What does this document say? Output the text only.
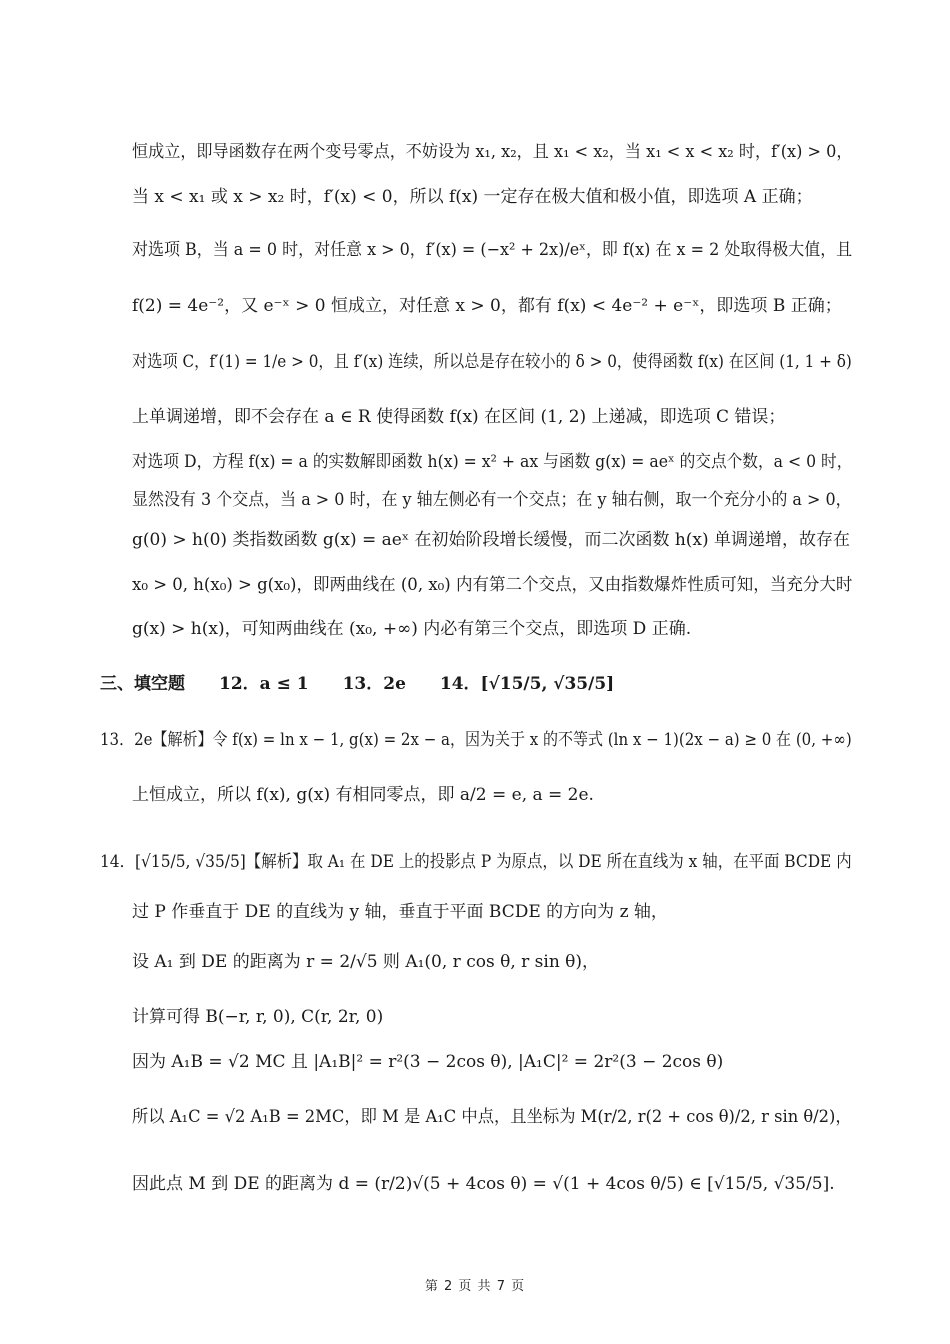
恒成立，即导函数存在两个变号零点，不妨设为 x₁, x₂，且 x₁ < x₂，当 x₁ < x < x₂ 时，f′(x) > 0，
当 x < x₁ 或 x > x₂ 时，f′(x) < 0，所以 f(x) 一定存在极大值和极小值，即选项 A 正确；
对选项 B，当 a = 0 时，对任意 x > 0，f′(x) = (−x² + 2x)/eˣ，即 f(x) 在 x = 2 处取得极大值，且
f(2) = 4e⁻²，又 e⁻ˣ > 0 恒成立，对任意 x > 0，都有 f(x) < 4e⁻² + e⁻ˣ，即选项 B 正确；
对选项 C，f′(1) = 1/e > 0，且 f′(x) 连续，所以总是存在较小的 δ > 0，使得函数 f(x) 在区间 (1, 1 + δ)
上单调递增，即不会存在 a ∈ R 使得函数 f(x) 在区间 (1, 2) 上递减，即选项 C 错误；
对选项 D，方程 f(x) = a 的实数解即函数 h(x) = x² + ax 与函数 g(x) = aeˣ 的交点个数，a < 0 时，
显然没有 3 个交点，当 a > 0 时，在 y 轴左侧必有一个交点；在 y 轴右侧，取一个充分小的 a > 0，
g(0) > h(0) 类指数函数 g(x) = aeˣ 在初始阶段增长缓慢，而二次函数 h(x) 单调递增，故存在
x₀ > 0, h(x₀) > g(x₀)，即两曲线在 (0, x₀) 内有第二个交点，又由指数爆炸性质可知，当充分大时
g(x) > h(x)，可知两曲线在 (x₀, +∞) 内必有第三个交点，即选项 D 正确.
三、填空题　　12．a ≤ 1　　13．2e　　14．[√15/5, √35/5]
13．2e【解析】令 f(x) = ln x − 1, g(x) = 2x − a，因为关于 x 的不等式 (ln x − 1)(2x − a) ≥ 0 在 (0, +∞)
上恒成立，所以 f(x), g(x) 有相同零点，即 a/2 = e, a = 2e.
14．[√15/5, √35/5]【解析】取 A₁ 在 DE 上的投影点 P 为原点，以 DE 所在直线为 x 轴，在平面 BCDE 内
过 P 作垂直于 DE 的直线为 y 轴，垂直于平面 BCDE 的方向为 z 轴，
设 A₁ 到 DE 的距离为 r = 2/√5 则 A₁(0, r cos θ, r sin θ)，
计算可得 B(−r, r, 0), C(r, 2r, 0)
因为 A₁B = √2 MC 且 |A₁B|² = r²(3 − 2cos θ), |A₁C|² = 2r²(3 − 2cos θ)
所以 A₁C = √2 A₁B = 2MC，即 M 是 A₁C 中点，且坐标为 M(r/2, r(2 + cos θ)/2, r sin θ/2)，
因此点 M 到 DE 的距离为 d = (r/2)√(5 + 4cos θ) = √(1 + 4cos θ/5) ∈ [√15/5, √35/5].
第 2 页 共 7 页
